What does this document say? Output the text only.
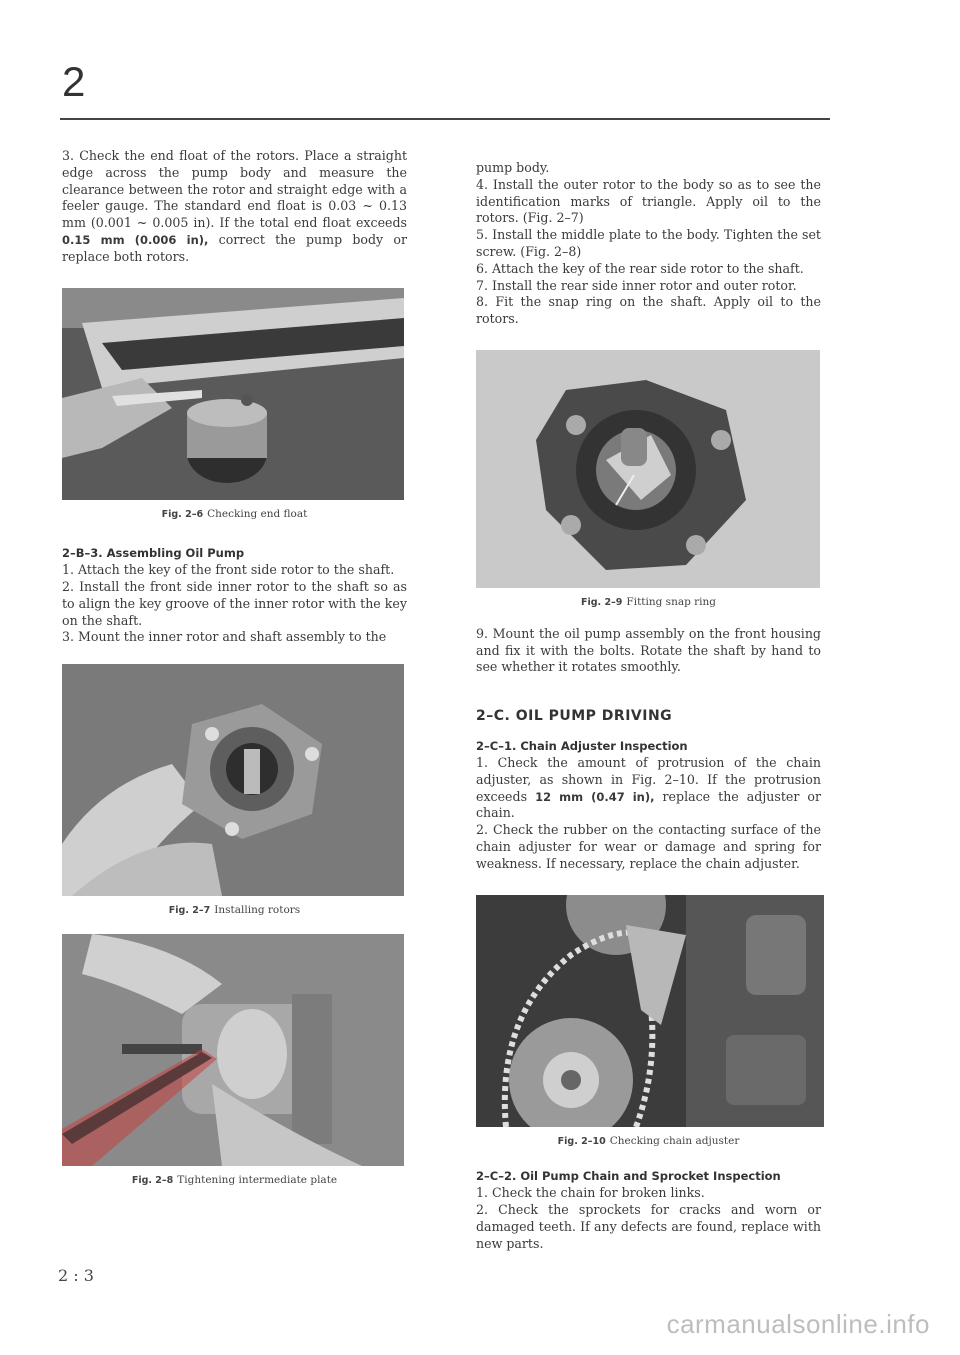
2

3. Check the end float of the rotors. Place a straight edge across the pump body and measure the clearance between the rotor and straight edge with a feeler gauge. The standard end float is 0.03 ~ 0.13 mm (0.001 ~ 0.005 in). If the total end float exceeds 0.15 mm (0.006 in), correct the pump body or replace both rotors.

Fig. 2–6 Checking end float

2–B–3. Assembling Oil Pump

1. Attach the key of the front side rotor to the shaft.

2. Install the front side inner rotor to the shaft so as to align the key groove of the inner rotor with the key on the shaft.

3. Mount the inner rotor and shaft assembly to the

Fig. 2–7 Installing rotors

Fig. 2–8 Tightening intermediate plate

pump body.

4. Install the outer rotor to the body so as to see the identification marks of triangle. Apply oil to the rotors. (Fig. 2–7)

5. Install the middle plate to the body. Tighten the set screw. (Fig. 2–8)

6. Attach the key of the rear side rotor to the shaft.

7. Install the rear side inner rotor and outer rotor.

8. Fit the snap ring on the shaft. Apply oil to the rotors.

Fig. 2–9 Fitting snap ring

9. Mount the oil pump assembly on the front housing and fix it with the bolts. Rotate the shaft by hand to see whether it rotates smoothly.

2–C. OIL PUMP DRIVING
2–C–1. Chain Adjuster Inspection

1. Check the amount of protrusion of the chain adjuster, as shown in Fig. 2–10. If the protrusion exceeds 12 mm (0.47 in), replace the adjuster or chain.

2. Check the rubber on the contacting surface of the chain adjuster for wear or damage and spring for weakness. If necessary, replace the chain adjuster.

Fig. 2–10 Checking chain adjuster

2–C–2. Oil Pump Chain and Sprocket Inspection

1. Check the chain for broken links.

2. Check the sprockets for cracks and worn or damaged teeth. If any defects are found, replace with new parts.

2 : 3

carmanualsonline.info
